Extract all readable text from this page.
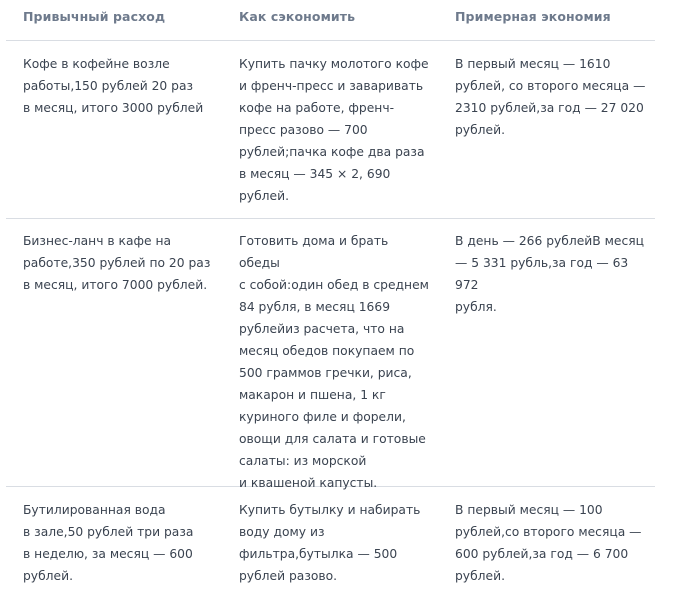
Привычный расход	Как сэкономить	Примерная экономия
Кофе в кофейне возле
работы,150 рублей 20 раз
в месяц, итого 3000 рублей
Купить пачку молотого кофе
и френч-пресс и заваривать
кофе на работе, френч-
пресс разово — 700
рублей;пачка кофе два раза
в месяц — 345 × 2, 690
рублей.
В первый месяц — 1610
рублей, со второго месяца —
2310 рублей,за год — 27 020
рублей.
Бизнес-ланч в кафе на
работе,350 рублей по 20 раз
в месяц, итого 7000 рублей.
Готовить дома и брать обеды
с собой:один обед в среднем
84 рубля, в месяц 1669
рублейиз расчета, что на
месяц обедов покупаем по
500 граммов гречки, риса,
макарон и пшена, 1 кг
куриного филе и форели,
овощи для салата и готовые
салаты: из морской
и квашеной капусты.
В день — 266 рублейВ месяц
— 5 331 рубль,за год — 63 972
рубля.
Бутилированная вода
в зале,50 рублей три раза
в неделю, за месяц — 600
рублей.
Купить бутылку и набирать
воду дому из
фильтра,бутылка — 500
рублей разово.
В первый месяц — 100
рублей,со второго месяца —
600 рублей,за год — 6 700
рублей.
